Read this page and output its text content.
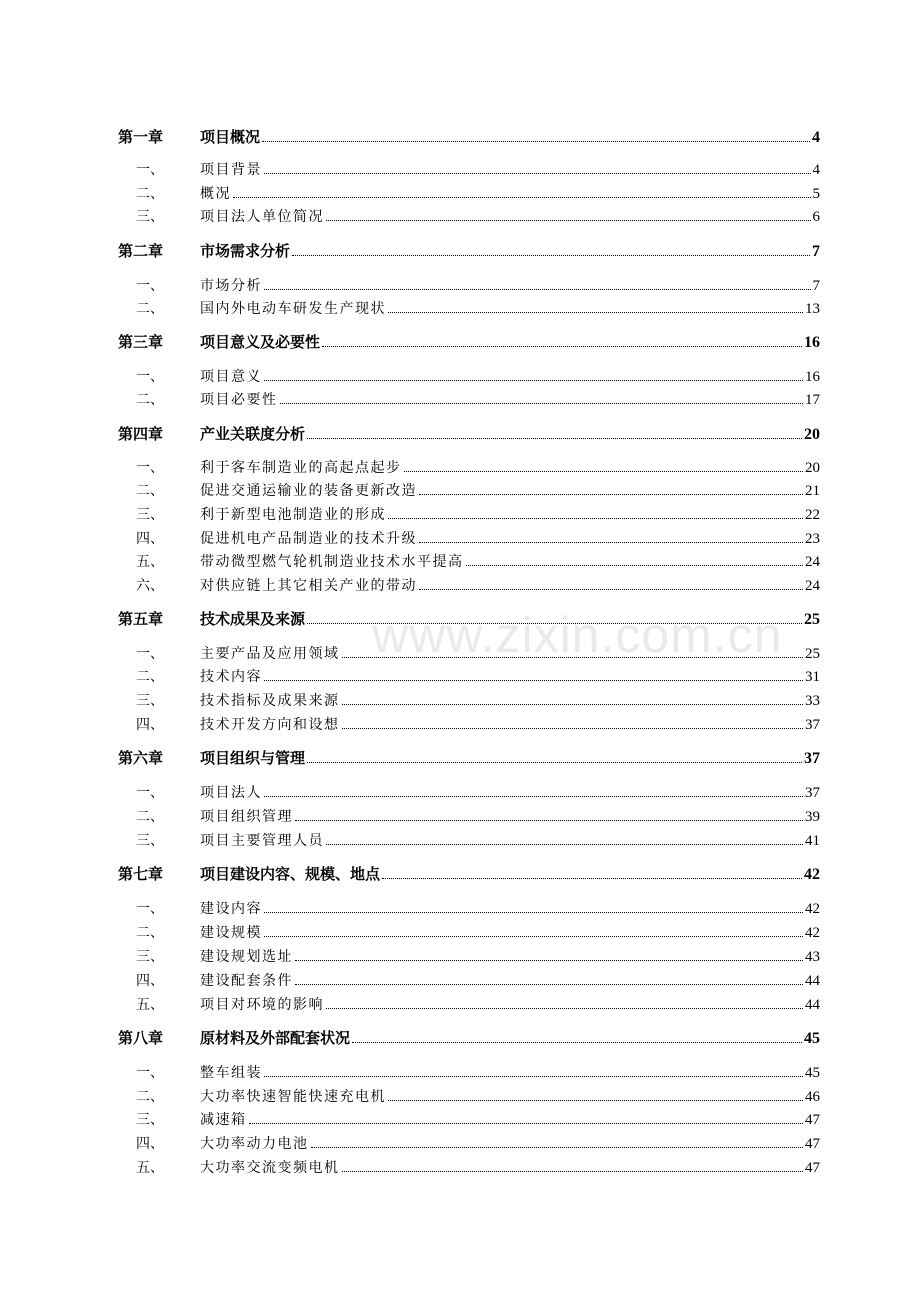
第一章	项目概况	4
一、	项目背景	4
二、	概况	5
三、	项目法人单位简况	6
第二章	市场需求分析	7
一、	市场分析	7
二、	国内外电动车研发生产现状	13
第三章	项目意义及必要性	16
一、	项目意义	16
二、	项目必要性	17
第四章	产业关联度分析	20
一、	利于客车制造业的高起点起步	20
二、	促进交通运输业的装备更新改造	21
三、	利于新型电池制造业的形成	22
四、	促进机电产品制造业的技术升级	23
五、	带动微型燃气轮机制造业技术水平提高	24
六、	对供应链上其它相关产业的带动	24
第五章	技术成果及来源	25
一、	主要产品及应用领域	25
二、	技术内容	31
三、	技术指标及成果来源	33
四、	技术开发方向和设想	37
第六章	项目组织与管理	37
一、	项目法人	37
二、	项目组织管理	39
三、	项目主要管理人员	41
第七章	项目建设内容、规模、地点	42
一、	建设内容	42
二、	建设规模	42
三、	建设规划选址	43
四、	建设配套条件	44
五、	项目对环境的影响	44
第八章	原材料及外部配套状况	45
一、	整车组装	45
二、	大功率快速智能快速充电机	46
三、	减速箱	47
四、	大功率动力电池	47
五、	大功率交流变频电机	47
www.zixin.com.cn
